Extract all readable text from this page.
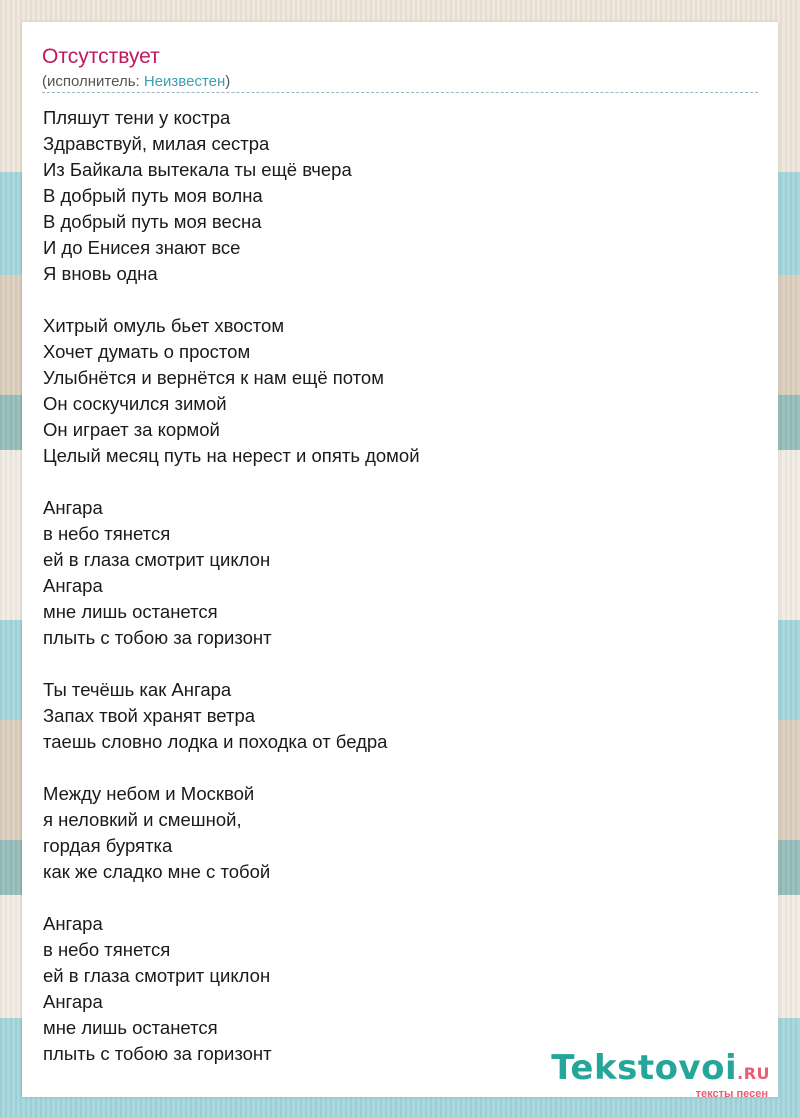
Отсутствует
(исполнитель: Неизвестен)
Пляшут тени у костра
Здравствуй, милая сестра
Из Байкала вытекала ты ещё вчера
В добрый путь моя волна
В добрый путь моя весна
И до Енисея знают все
Я вновь одна
Хитрый омуль бьет хвостом
Хочет думать о простом
Улыбнётся и вернётся к нам ещё потом
Он соскучился зимой
Он играет за кормой
Целый месяц путь на нерест и опять домой
Ангара
в небо тянется
ей в глаза смотрит циклон
Ангара
мне лишь останется
плыть с тобою за горизонт
Ты течёшь как Ангара
Запах твой хранят ветра
таешь словно лодка и походка от бедра
Между небом и Москвой
я неловкий и смешной,
гордая бурятка
как же сладко мне с тобой
Ангара
в небо тянется
ей в глаза смотрит циклон
Ангара
мне лишь останется
плыть с тобою за горизонт	Tekstovoi.RU
тексты песен
